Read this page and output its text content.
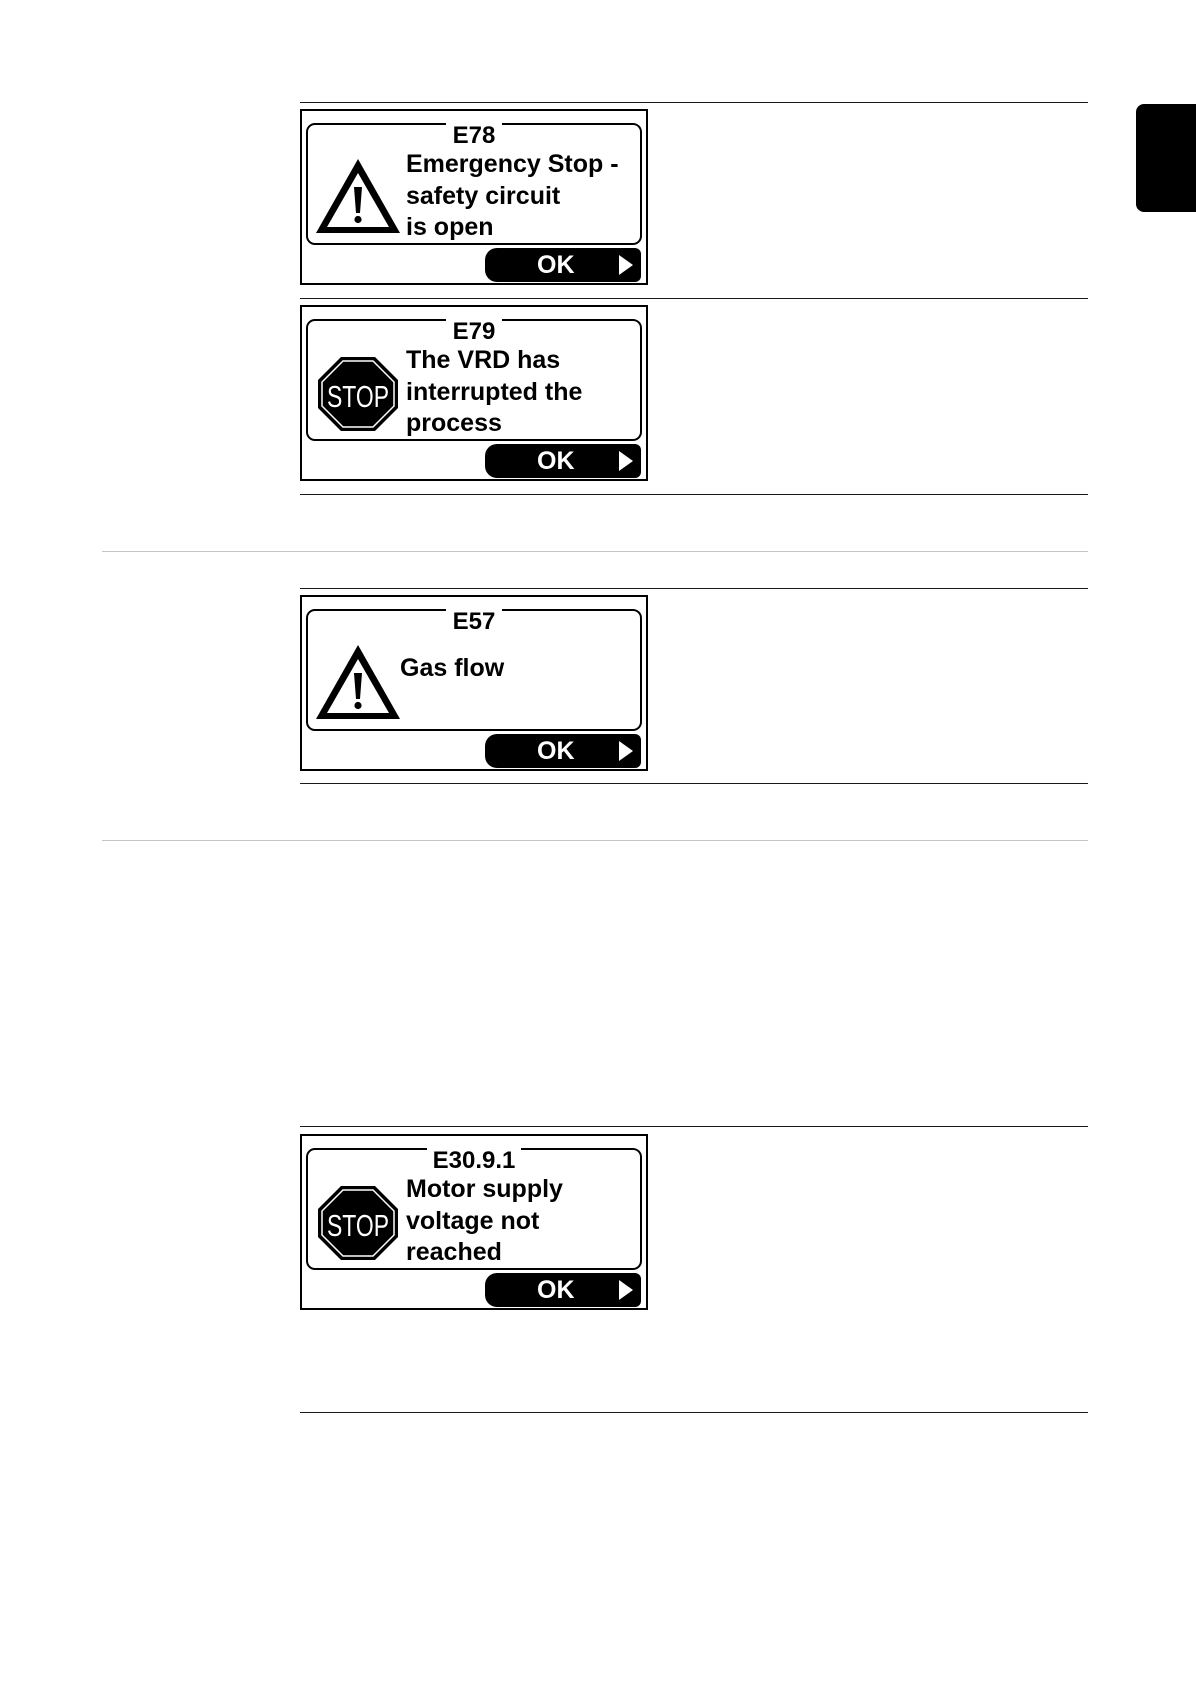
E78
Emergency Stop -
safety circuit
is open
OK
E79
STOP
The VRD has
interrupted the
process
OK
E57
Gas flow
OK
E30.9.1
STOP
Motor supply
voltage not
reached
OK
